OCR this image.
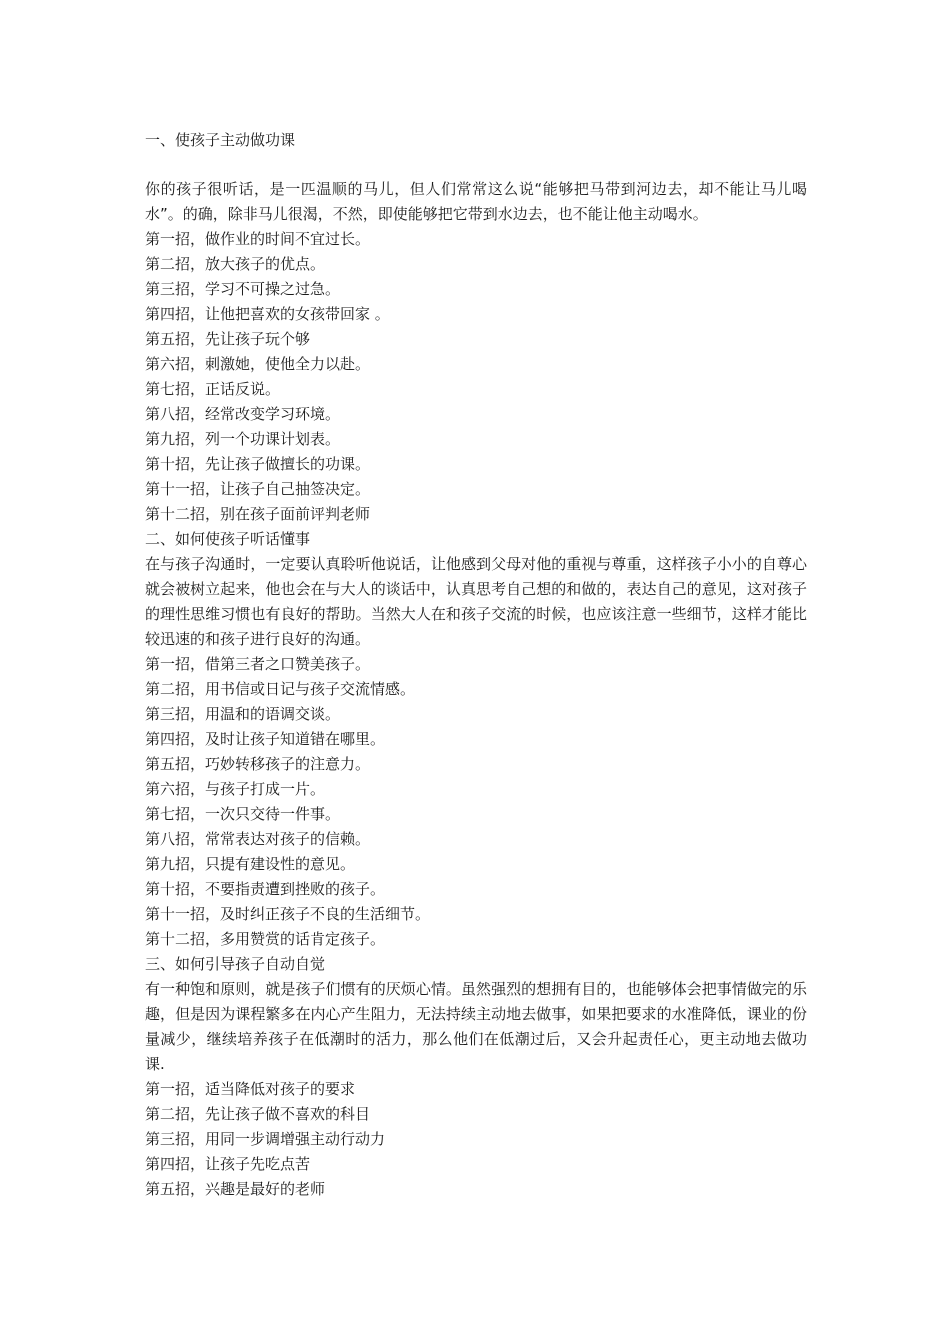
一、使孩子主动做功课

你的孩子很听话，是一匹温顺的马儿，但人们常常这么说“能够把马带到河边去，却不能让马儿喝水”。的确，除非马儿很渴，不然，即使能够把它带到水边去，也不能让他主动喝水。

第一招，做作业的时间不宜过长。

第二招，放大孩子的优点。

第三招，学习不可操之过急。

第四招，让他把喜欢的女孩带回家 。

第五招，先让孩子玩个够

第六招，刺激她，使他全力以赴。

第七招，正话反说。

第八招，经常改变学习环境。

第九招，列一个功课计划表。

第十招，先让孩子做擅长的功课。

第十一招，让孩子自己抽签决定。

第十二招，别在孩子面前评判老师

二、如何使孩子听话懂事

在与孩子沟通时，一定要认真聆听他说话，让他感到父母对他的重视与尊重，这样孩子小小的自尊心就会被树立起来，他也会在与大人的谈话中，认真思考自己想的和做的，表达自己的意见，这对孩子的理性思维习惯也有良好的帮助。当然大人在和孩子交流的时候，也应该注意一些细节，这样才能比较迅速的和孩子进行良好的沟通。

第一招，借第三者之口赞美孩子。

第二招，用书信或日记与孩子交流情感。

第三招，用温和的语调交谈。

第四招，及时让孩子知道错在哪里。

第五招，巧妙转移孩子的注意力。

第六招，与孩子打成一片。

第七招，一次只交待一件事。

第八招，常常表达对孩子的信赖。

第九招，只提有建设性的意见。

第十招，不要指责遭到挫败的孩子。

第十一招，及时纠正孩子不良的生活细节。

第十二招，多用赞赏的话肯定孩子。

三、如何引导孩子自动自觉

有一种饱和原则，就是孩子们惯有的厌烦心情。虽然强烈的想拥有目的，也能够体会把事情做完的乐趣，但是因为课程繁多在内心产生阻力，无法持续主动地去做事，如果把要求的水准降低，课业的份量减少，继续培养孩子在低潮时的活力，那么他们在低潮过后，又会升起责任心，更主动地去做功课.

第一招，适当降低对孩子的要求

第二招，先让孩子做不喜欢的科目

第三招，用同一步调增强主动行动力

第四招，让孩子先吃点苦

第五招，兴趣是最好的老师
